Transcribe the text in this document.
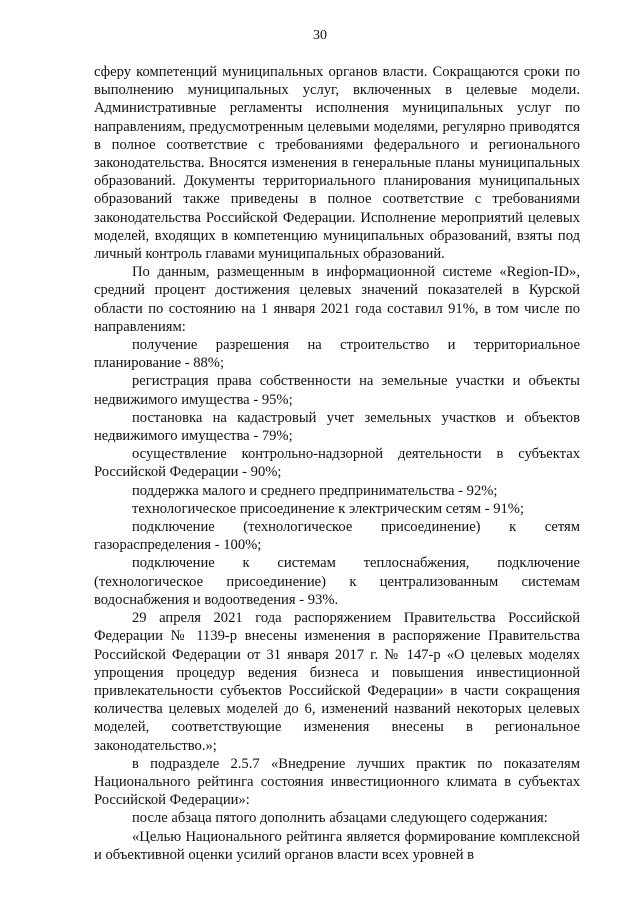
30

сферу компетенций муниципальных органов власти. Сокращаются сроки по выполнению муниципальных услуг, включенных в целевые модели. Административные регламенты исполнения муниципальных услуг по направлениям, предусмотренным целевыми моделями, регулярно приводятся в полное соответствие с требованиями федерального и регионального законодательства. Вносятся изменения в генеральные планы муниципальных образований. Документы территориального планирования муниципальных образований также приведены в полное соответствие с требованиями законодательства Российской Федерации. Исполнение мероприятий целевых моделей, входящих в компетенцию муниципальных образований, взяты под личный контроль главами муниципальных образований.

По данным, размещенным в информационной системе «Region-ID», средний процент достижения целевых значений показателей в Курской области по состоянию на 1 января 2021 года составил 91%, в том числе по направлениям:

получение разрешения на строительство и территориальное планирование - 88%;

регистрация права собственности на земельные участки и объекты недвижимого имущества - 95%;

постановка на кадастровый учет земельных участков и объектов недвижимого имущества - 79%;

осуществление контрольно-надзорной деятельности в субъектах Российской Федерации - 90%;

поддержка малого и среднего предпринимательства - 92%;

технологическое присоединение к электрическим сетям - 91%;

подключение (технологическое присоединение) к сетям газораспределения - 100%;

подключение к системам теплоснабжения, подключение (технологическое присоединение) к централизованным системам водоснабжения и водоотведения - 93%.

29 апреля 2021 года распоряжением Правительства Российской Федерации № 1139-р внесены изменения в распоряжение Правительства Российской Федерации от 31 января 2017 г. № 147-р «О целевых моделях упрощения процедур ведения бизнеса и повышения инвестиционной привлекательности субъектов Российской Федерации» в части сокращения количества целевых моделей до 6, изменений названий некоторых целевых моделей, соответствующие изменения внесены в региональное законодательство.»;

в подразделе 2.5.7 «Внедрение лучших практик по показателям Национального рейтинга состояния инвестиционного климата в субъектах Российской Федерации»:

после абзаца пятого дополнить абзацами следующего содержания:

«Целью Национального рейтинга является формирование комплексной и объективной оценки усилий органов власти всех уровней в
